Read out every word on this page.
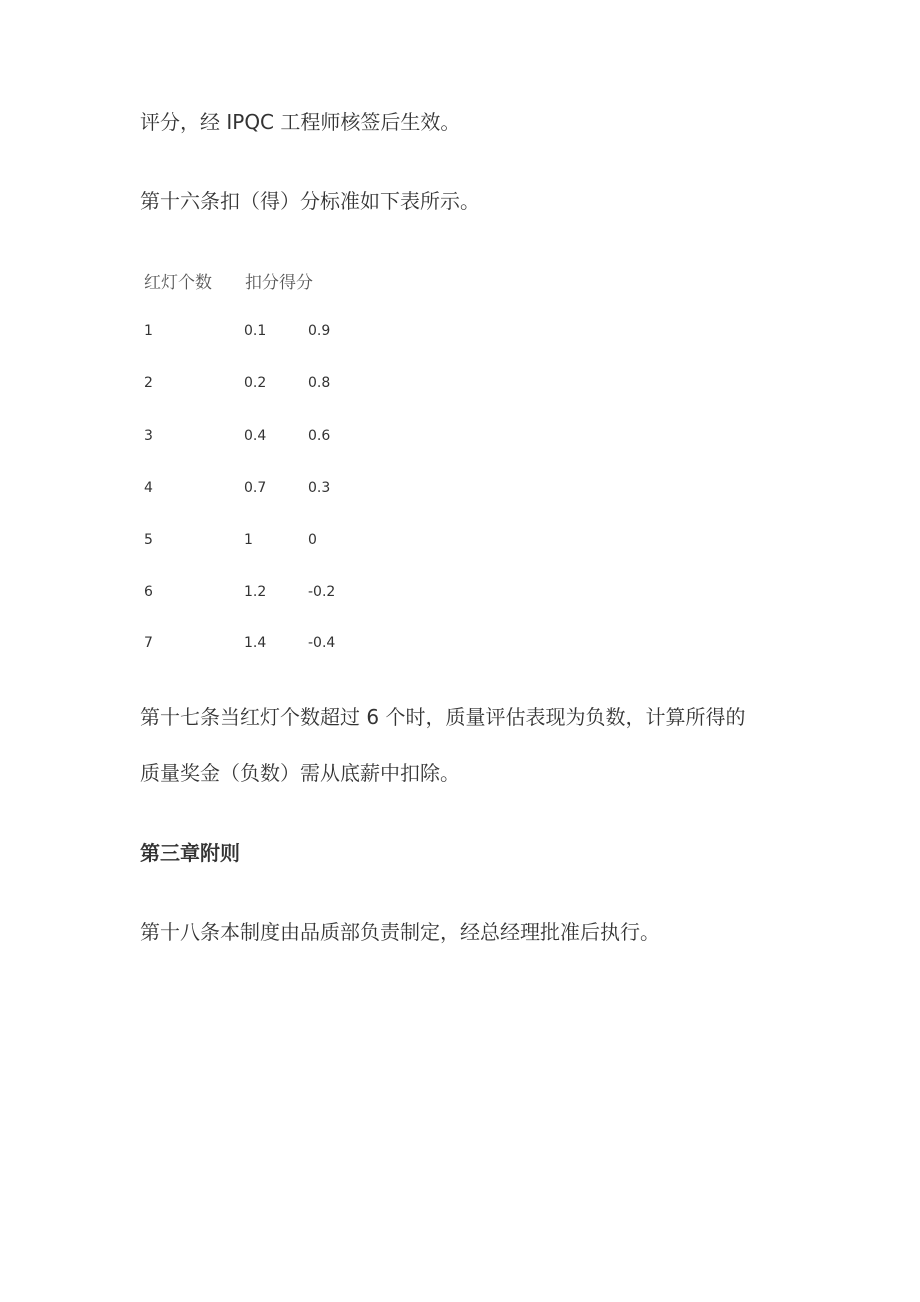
评分，经 IPQC 工程师核签后生效。
第十六条扣（得）分标准如下表所示。
红灯个数 扣分得分
1	0.1	0.9
2	0.2	0.8
3	0.4	0.6
4	0.7	0.3
5	1	0
6	1.2	-0.2
7	1.4	-0.4
第十七条当红灯个数超过 6 个时，质量评估表现为负数，计算所得的
质量奖金（负数）需从底薪中扣除。
第三章附则
第十八条本制度由品质部负责制定，经总经理批准后执行。
